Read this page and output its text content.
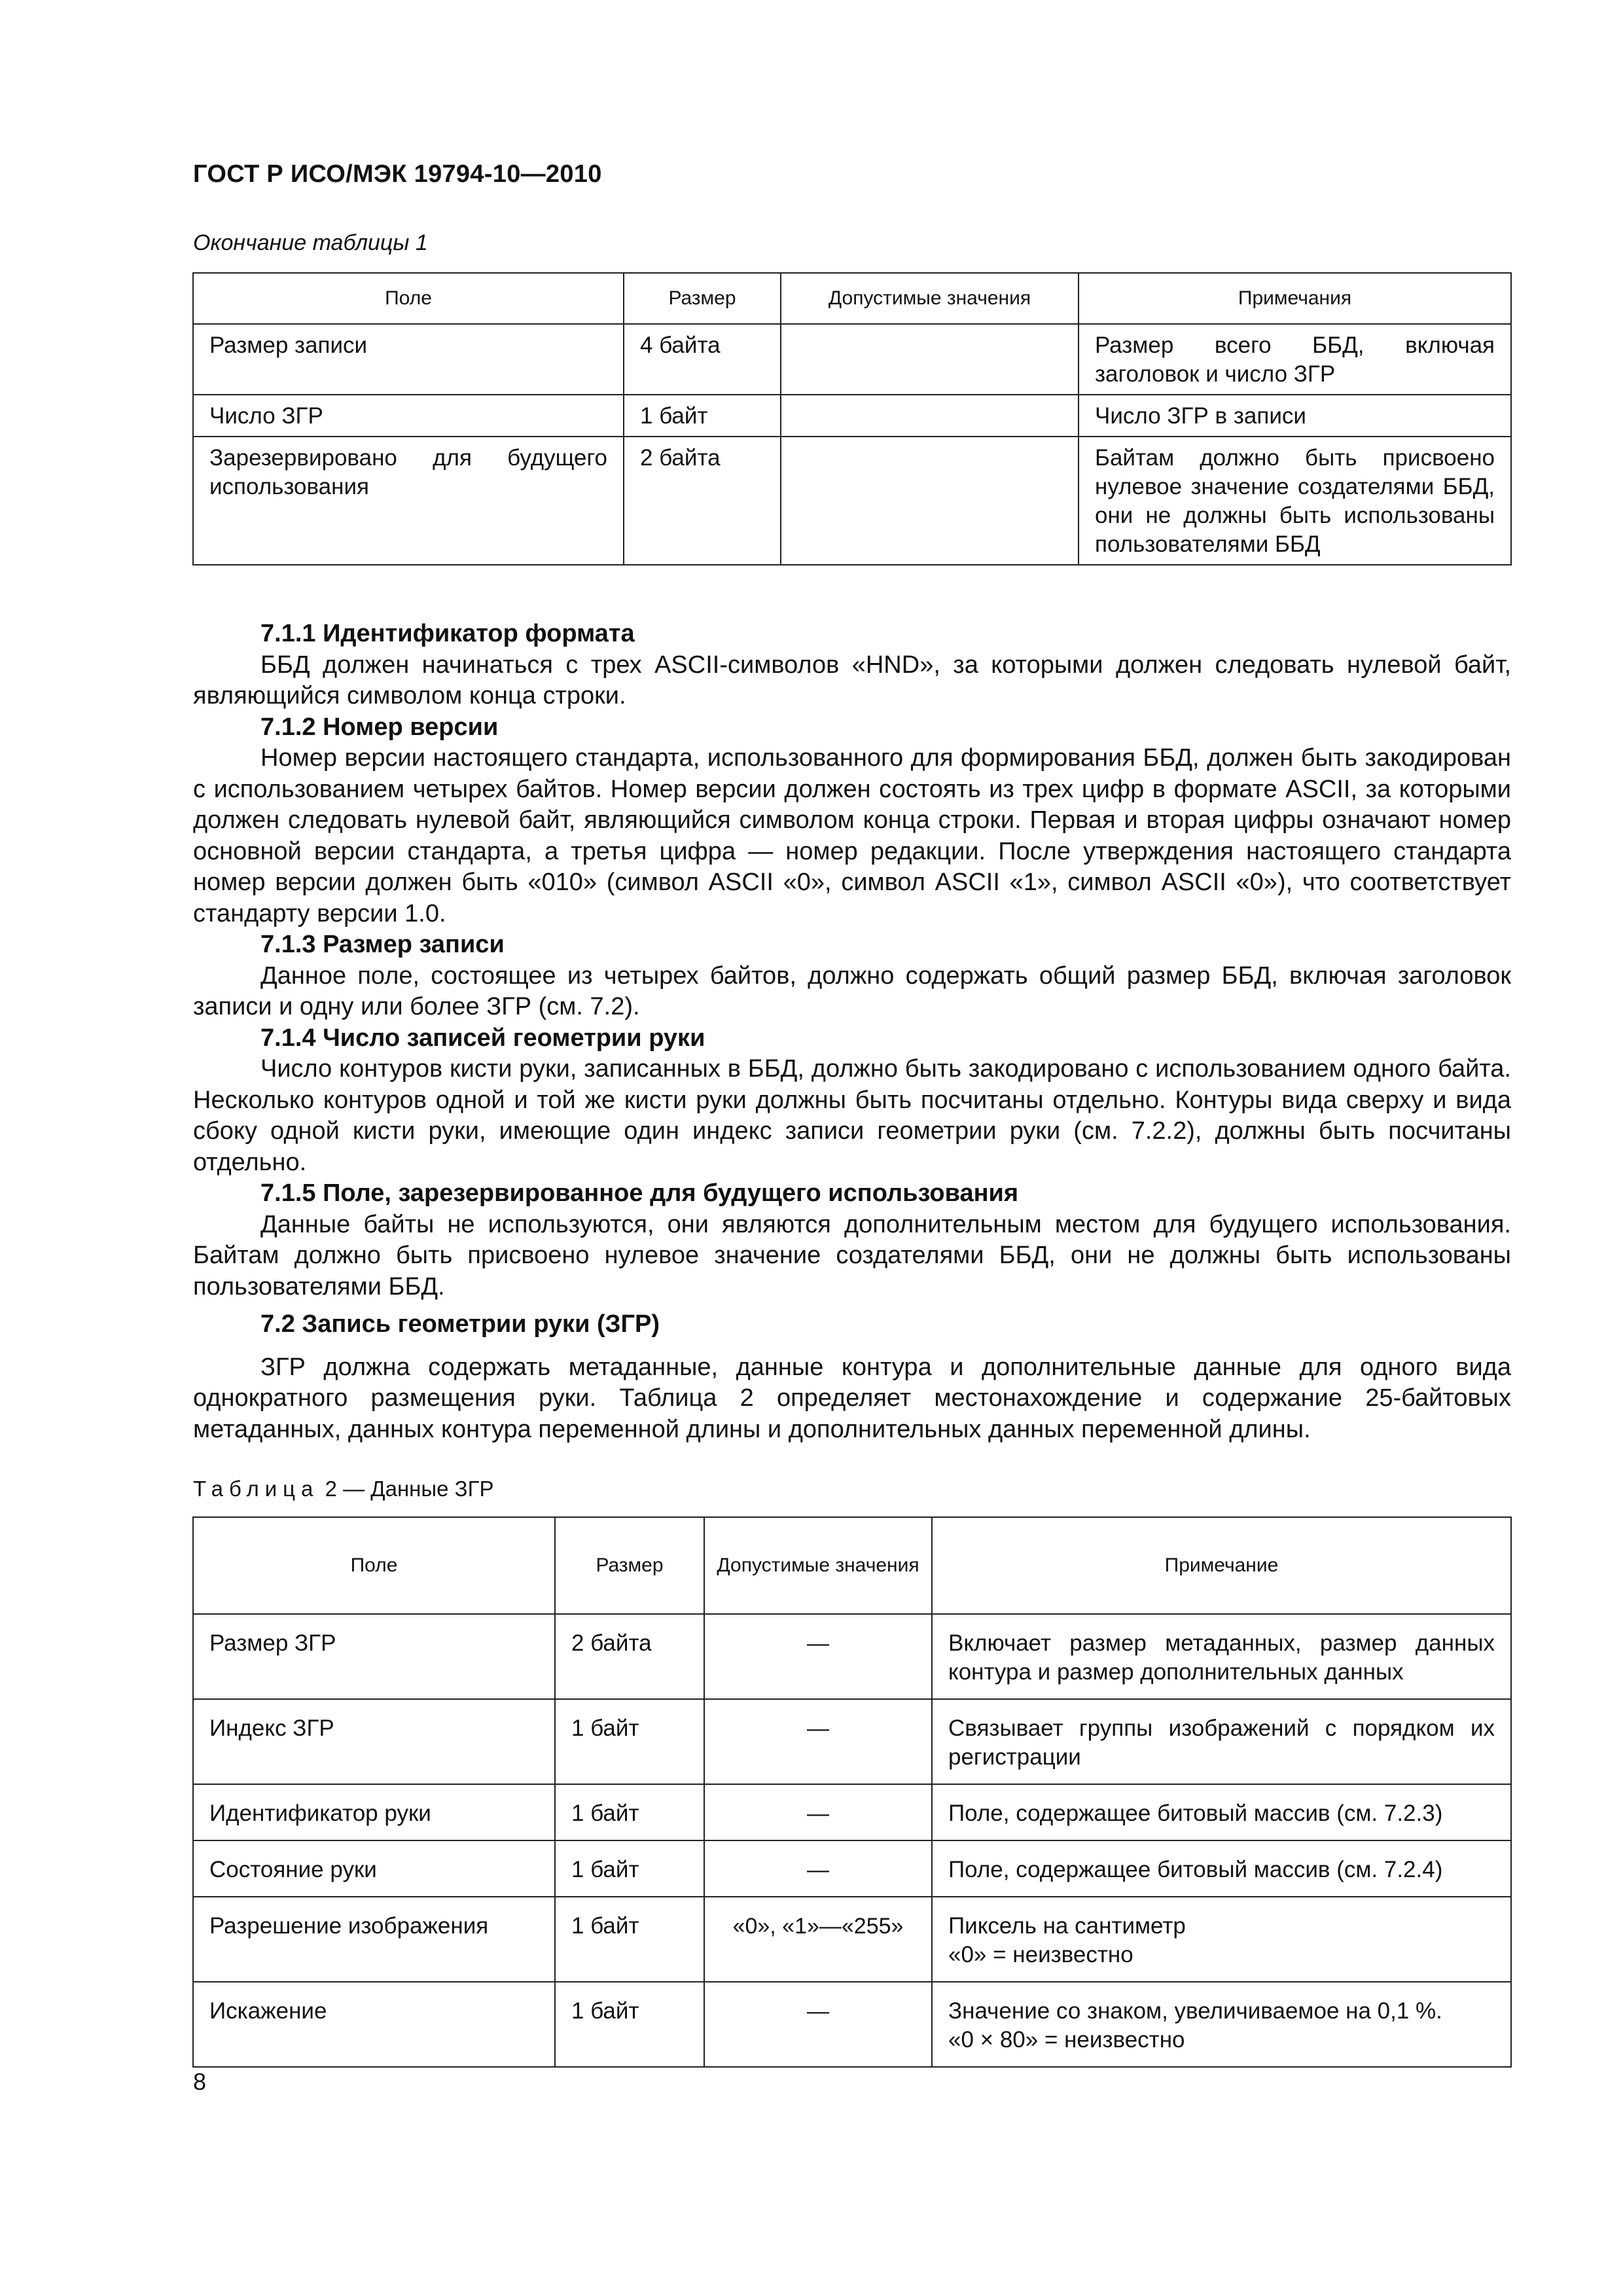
ГОСТ Р ИСО/МЭК 19794-10—2010
Окончание таблицы 1
Поле	Размер	Допустимые значения	Примечания
Размер записи	4 байта		Размер всего ББД, включая заголовок и число ЗГР
Число ЗГР	1 байт		Число ЗГР в записи
Зарезервировано для будущего использования	2 байта		Байтам должно быть присвоено нулевое значение создателями ББД, они не должны быть использованы пользователями ББД
7.1.1 Идентификатор формата

ББД должен начинаться с трех ASCII-символов «HND», за которыми должен следовать нулевой байт, являющийся символом конца строки.

7.1.2 Номер версии

Номер версии настоящего стандарта, использованного для формирования ББД, должен быть закодирован с использованием четырех байтов. Номер версии должен состоять из трех цифр в формате ASCII, за которыми должен следовать нулевой байт, являющийся символом конца строки. Первая и вторая цифры означают номер основной версии стандарта, а третья цифра — номер редакции. После утверждения настоящего стандарта номер версии должен быть «010» (символ ASCII «0», символ ASCII «1», символ ASCII «0»), что соответствует стандарту версии 1.0.

7.1.3 Размер записи

Данное поле, состоящее из четырех байтов, должно содержать общий размер ББД, включая заголовок записи и одну или более ЗГР (см. 7.2).

7.1.4 Число записей геометрии руки

Число контуров кисти руки, записанных в ББД, должно быть закодировано с использованием одного байта. Несколько контуров одной и той же кисти руки должны быть посчитаны отдельно. Контуры вида сверху и вида сбоку одной кисти руки, имеющие один индекс записи геометрии руки (см. 7.2.2), должны быть посчитаны отдельно.

7.1.5 Поле, зарезервированное для будущего использования

Данные байты не используются, они являются дополнительным местом для будущего использования. Байтам должно быть присвоено нулевое значение создателями ББД, они не должны быть использованы пользователями ББД.

7.2 Запись геометрии руки (ЗГР)

ЗГР должна содержать метаданные, данные контура и дополнительные данные для одного вида однократного размещения руки. Таблица 2 определяет местонахождение и содержание 25-байтовых метаданных, данных контура переменной длины и дополнительных данных переменной длины.

Таблица 2 — Данные ЗГР
Поле	Размер	Допустимые значения	Примечание
Размер ЗГР	2 байта	—	Включает размер метаданных, размер данных контура и размер дополнительных данных
Индекс ЗГР	1 байт	—	Связывает группы изображений с порядком их регистрации
Идентификатор руки	1 байт	—	Поле, содержащее битовый массив (см. 7.2.3)
Состояние руки	1 байт	—	Поле, содержащее битовый массив (см. 7.2.4)
Разрешение изображения	1 байт	«0», «1»—«255»	Пиксель на сантиметр
«0» = неизвестно

Искажение	1 байт	—	Значение со знаком, увеличиваемое на 0,1 %.
«0 × 80» = неизвестно
8
